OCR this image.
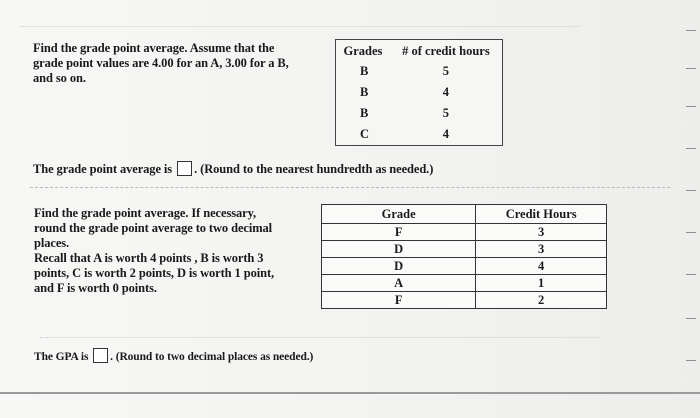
Find the grade point average. Assume that the
grade point values are 4.00 for an A, 3.00 for a B,
and so on.
Grades	# of credit hours
B	5
B	4
B	5
C	4
The grade point average is . (Round to the nearest hundredth as needed.)
Find the grade point average. If necessary,
round the grade point average to two decimal
places.
Recall that A is worth 4 points , B is worth 3
points, C is worth 2 points, D is worth 1 point,
and F is worth 0 points.
Grade	Credit Hours
F	3
D	3
D	4
A	1
F	2
The GPA is . (Round to two decimal places as needed.)
